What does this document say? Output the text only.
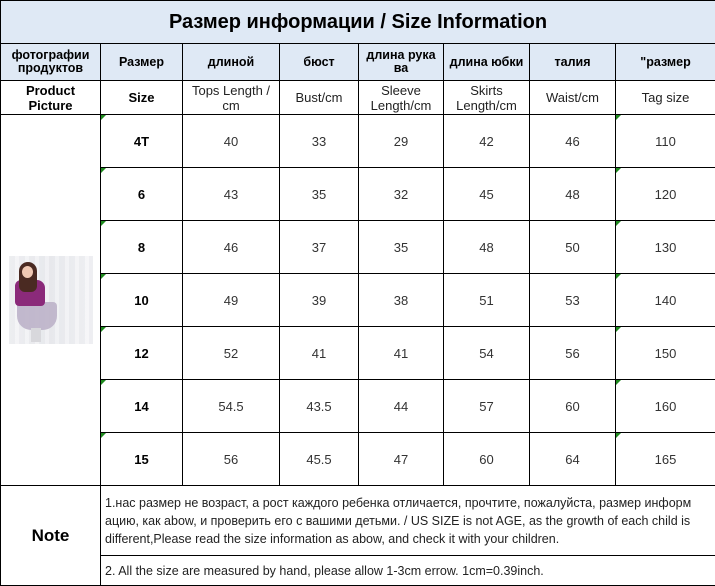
Размер информации / Size Information							
фотографии продуктов	Размер	длиной	бюст	длина рука ва	длина юбки	талия	"размер
Product Picture	Size	Tops Length / cm	Bust/cm	Sleeve Length/cm	Skirts Length/cm	Waist/cm	Tag size

	4T	40	33	29	42	46	110
	6	43	35	32	45	48	120
	8	46	37	35	48	50	130
	10	49	39	38	51	53	140
	12	52	41	41	54	56	150
	14	54.5	43.5	44	57	60	160
	15	56	45.5	47	60	64	165
Note	1.нас размер не возраст, а рост каждого ребенка отличается, прочтите, пожалуйста, размер информ ацию, как abow, и проверить его с вашими детьми. / US SIZE is not AGE, as the growth of each child is different,Please read the size information as abow, and check it with your children.						
	2. All the size are measured by hand, please allow 1-3cm errow. 1cm=0.39inch.						
